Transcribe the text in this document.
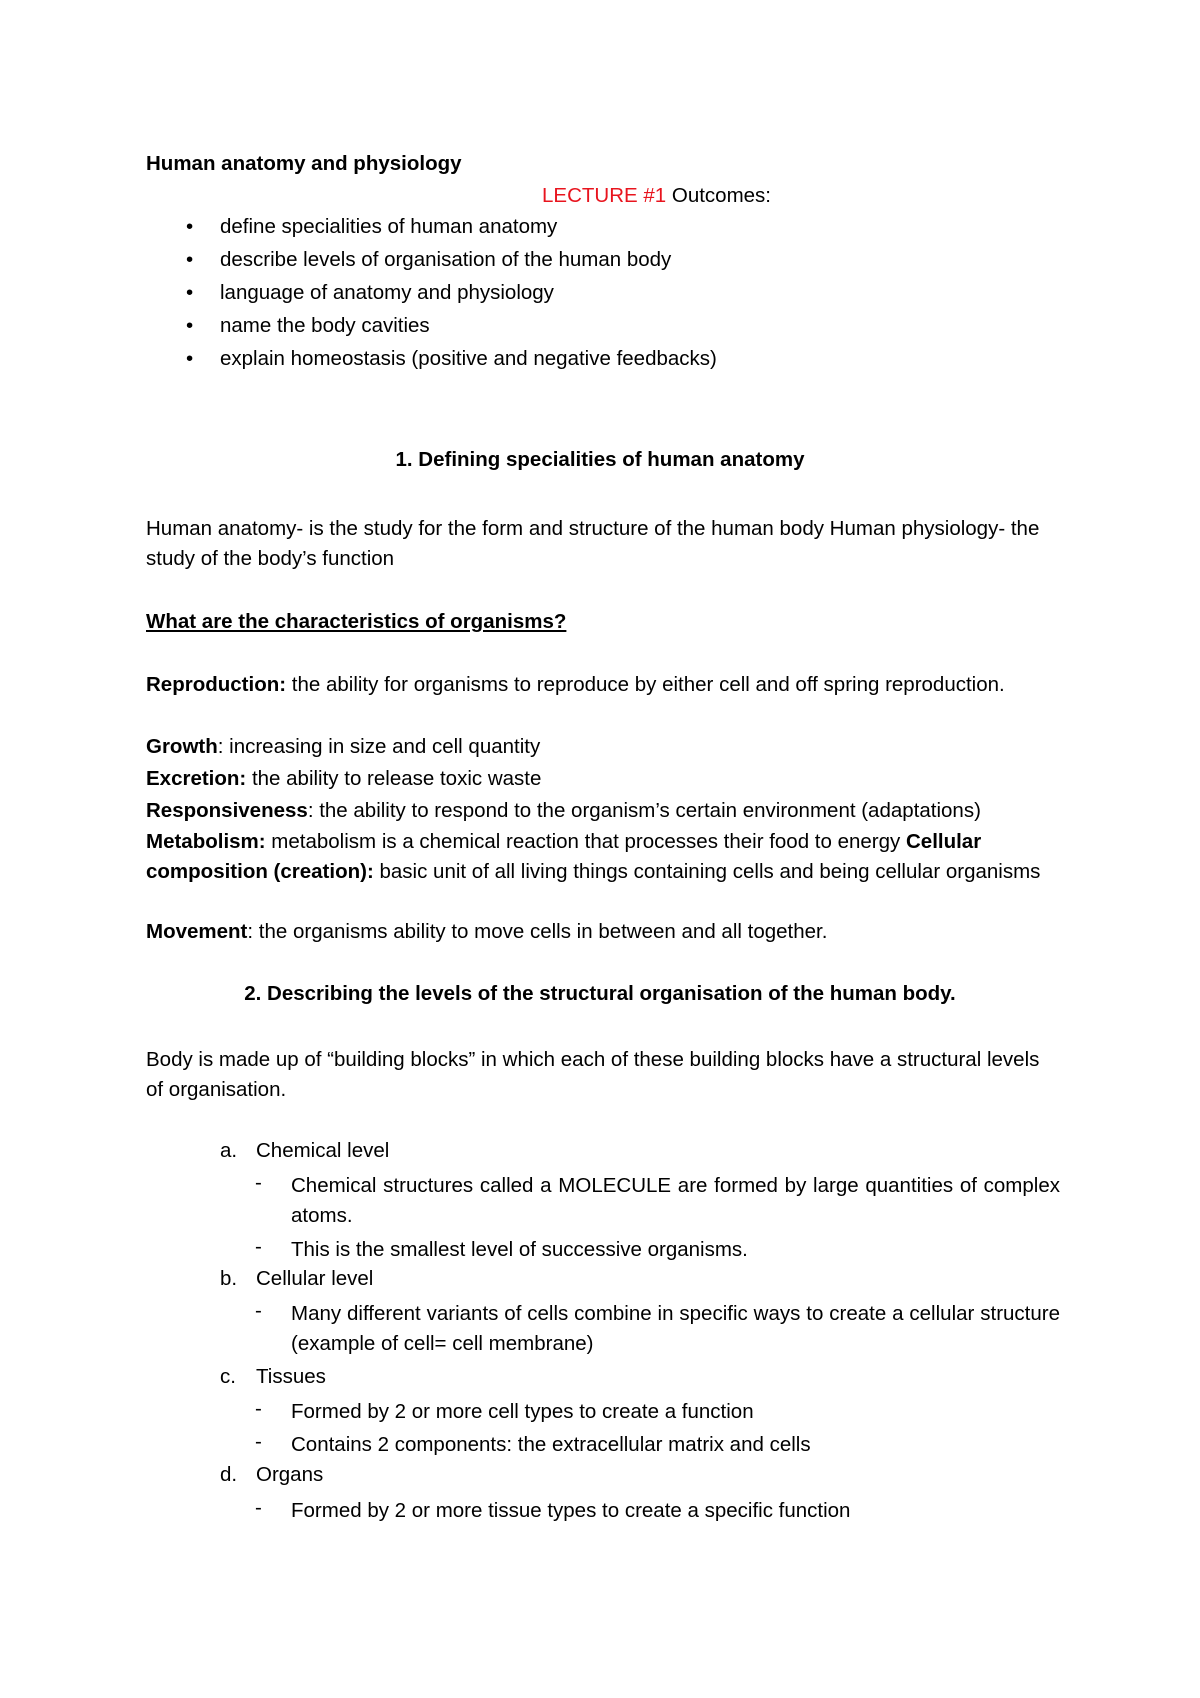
Human anatomy and physiology
LECTURE #1 Outcomes:
• define specialities of human anatomy
• describe levels of organisation of the human body
• language of anatomy and physiology
• name the body cavities
• explain homeostasis (positive and negative feedbacks)
1. Defining specialities of human anatomy
Human anatomy- is the study for the form and structure of the human body Human physiology- the study of the body’s function
What are the characteristics of organisms?
Reproduction: the ability for organisms to reproduce by either cell and off spring reproduction.
Growth: increasing in size and cell quantity
Excretion: the ability to release toxic waste
Responsiveness: the ability to respond to the organism’s certain environment (adaptations)
Metabolism: metabolism is a chemical reaction that processes their food to energy Cellular composition (creation): basic unit of all living things containing cells and being cellular organisms
Movement: the organisms ability to move cells in between and all together.
2. Describing the levels of the structural organisation of the human body.
Body is made up of “building blocks” in which each of these building blocks have a structural levels of organisation.
a. Chemical level
- Chemical structures called a MOLECULE are formed by large quantities of complex atoms.
- This is the smallest level of successive organisms.
b. Cellular level
- Many different variants of cells combine in specific ways to create a cellular structure (example of cell= cell membrane)
c. Tissues
- Formed by 2 or more cell types to create a function
- Contains 2 components: the extracellular matrix and cells
d. Organs
- Formed by 2 or more tissue types to create a specific function
